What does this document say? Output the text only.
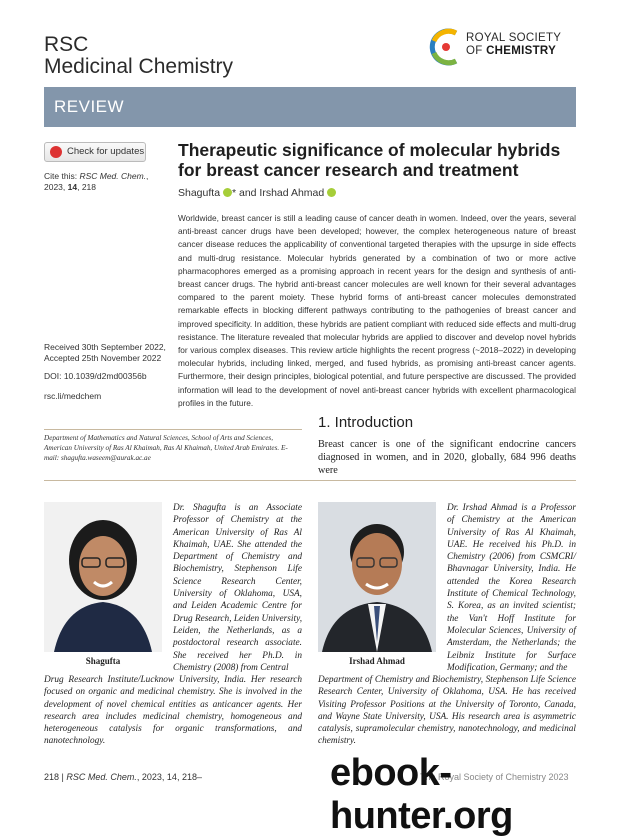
RSC
Medicinal Chemistry
ROYAL SOCIETY
OF CHEMISTRY
REVIEW
Check for updates
Cite this: RSC Med. Chem., 2023, 14, 218
Received 30th September 2022,
Accepted 25th November 2022
DOI: 10.1039/d2md00356b
rsc.li/medchem
Therapeutic significance of molecular hybrids for breast cancer research and treatment
Shagufta * and Irshad Ahmad
Worldwide, breast cancer is still a leading cause of cancer death in women. Indeed, over the years, several anti-breast cancer drugs have been developed; however, the complex heterogeneous nature of breast cancer disease reduces the applicability of conventional targeted therapies with the upsurge in side effects and multi-drug resistance. Molecular hybrids generated by a combination of two or more active pharmacophores emerged as a promising approach in recent years for the design and synthesis of anti-breast cancer drugs. The hybrid anti-breast cancer molecules are well known for their several advantages compared to the parent moiety. These hybrid forms of anti-breast cancer molecules demonstrated remarkable effects in blocking different pathways contributing to the pathogenies of breast cancer and improved specificity. In addition, these hybrids are patient compliant with reduced side effects and multi-drug resistance. The literature revealed that molecular hybrids are applied to discover and develop novel hybrids for various complex diseases. This review article highlights the recent progress (~2018–2022) in developing molecular hybrids, including linked, merged, and fused hybrids, as promising anti-breast cancer agents. Furthermore, their design principles, biological potential, and future perspective are discussed. The provided information will lead to the development of novel anti-breast cancer hybrids with excellent pharmacological profiles in the future.
1. Introduction
Breast cancer is one of the significant endocrine cancers diagnosed in women, and in 2020, globally, 684 996 deaths were
Department of Mathematics and Natural Sciences, School of Arts and Sciences, American University of Ras Al Khaimah, Ras Al Khaimah, United Arab Emirates. E-mail: shagufta.waseem@aurak.ac.ae
Shagufta
Dr. Shagufta is an Associate Professor of Chemistry at the American University of Ras Al Khaimah, UAE. She attended the Department of Chemistry and Biochemistry, Stephenson Life Science Research Center, University of Oklahoma, USA, and Leiden Academic Centre for Drug Research, Leiden University, Leiden, the Netherlands, as a postdoctoral research associate. She received her Ph.D. in Chemistry (2008) from Central
Drug Research Institute/Lucknow University, India. Her research focused on organic and medicinal chemistry. She is involved in the development of novel chemical entities as anticancer agents. Her research area includes medicinal chemistry, homogeneous and heterogeneous catalysis for organic transformations, and nanotechnology.
Irshad Ahmad
Dr. Irshad Ahmad is a Professor of Chemistry at the American University of Ras Al Khaimah, UAE. He received his Ph.D. in Chemistry (2006) from CSMCRI/ Bhavnagar University, India. He attended the Korea Research Institute of Chemical Technology, S. Korea, as an invited scientist; the Van't Hoff Institute for Molecular Sciences, University of Amsterdam, the Netherlands; the Leibniz Institute for Surface Modification, Germany; and the
Department of Chemistry and Biochemistry, Stephenson Life Science Research Center, University of Oklahoma, USA. He has received Visiting Professor Positions at the University of Toronto, Canada, and Wayne State University, USA. His research area is asymmetric catalysis, supramolecular chemistry, nanotechnology, and medicinal chemistry.
218 | RSC Med. Chem., 2023, 14, 218–	The Royal Society of Chemistry 2023
ebook-hunter.org
